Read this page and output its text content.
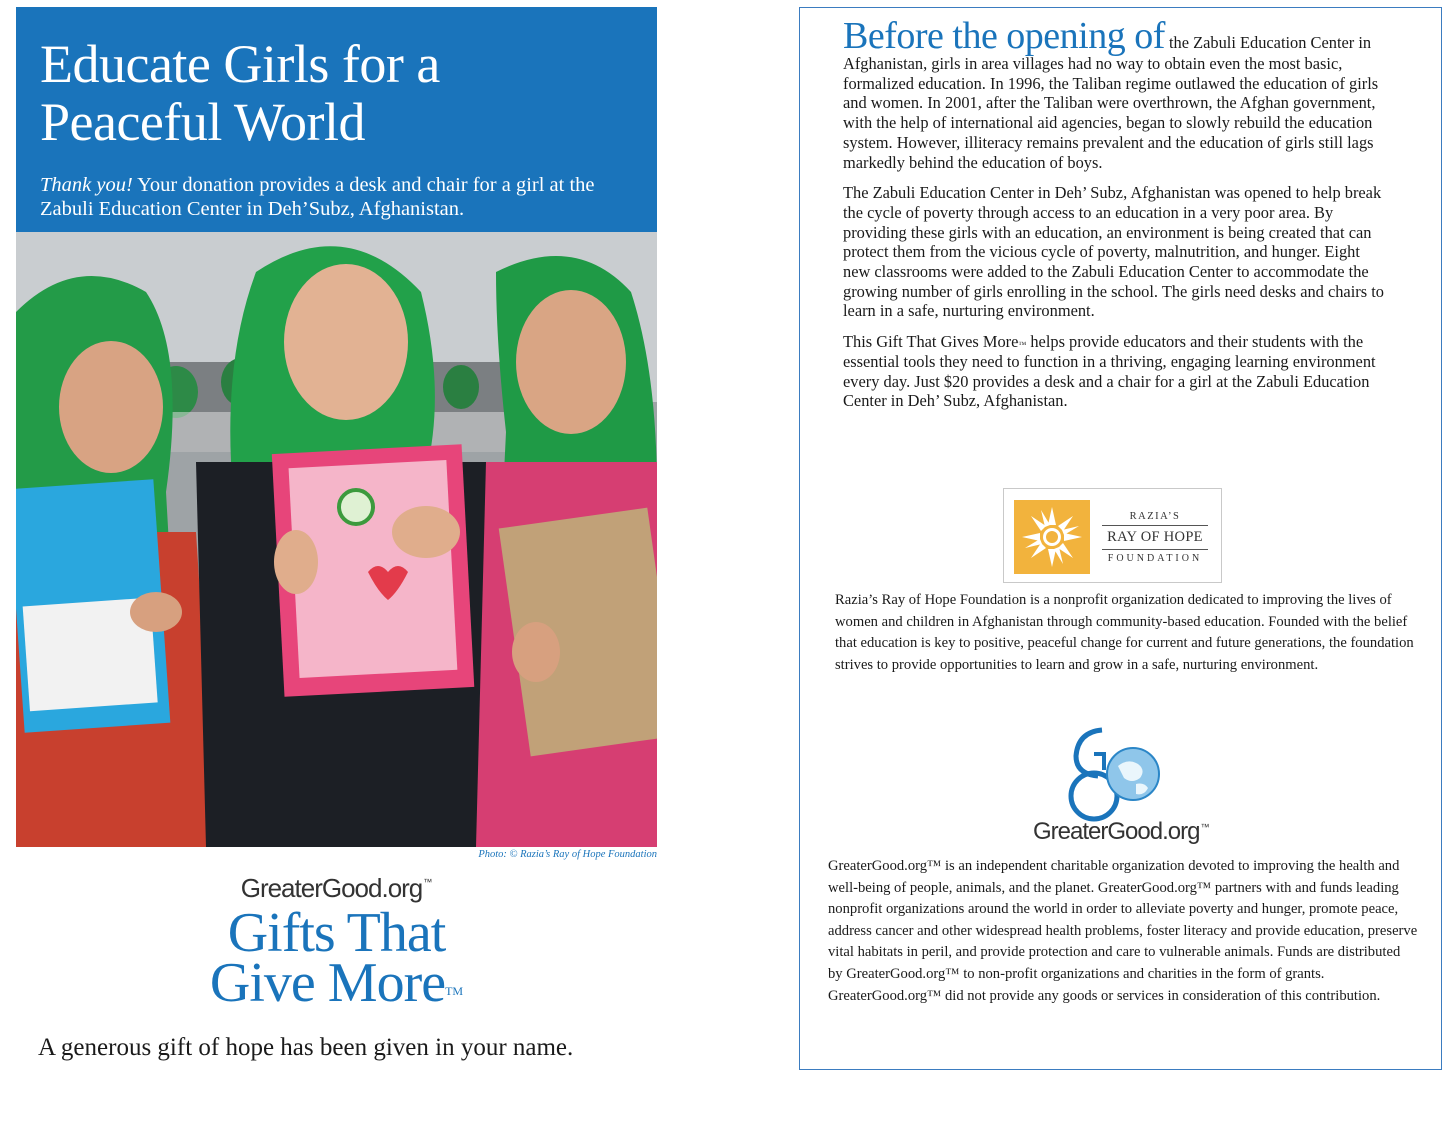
Educate Girls for a
Peaceful World
Thank you! Your donation provides a desk and chair for a girl at the Zabuli Education Center in Deh’Subz, Afghanistan.
Photo: © Razia’s Ray of Hope Foundation
GreaterGood.org™
Gifts That
Give More™
A generous gift of hope has been given in your name.

Before the opening of the Zabuli Education Center in Afghanistan, girls in area villages had no way to obtain even the most basic, formalized education. In 1996, the Taliban regime outlawed the education of girls and women. In 2001, after the Taliban were overthrown, the Afghan government, with the help of international aid agencies, began to slowly rebuild the education system. However, illiteracy remains prevalent and the education of girls still lags markedly behind the education of boys.

The Zabuli Education Center in Deh’ Subz, Afghanistan was opened to help break the cycle of poverty through access to an education in a very poor area. By providing these girls with an education, an environment is being created that can protect them from the vicious cycle of poverty, malnutrition, and hunger. Eight new classrooms were added to the Zabuli Education Center to accommodate the growing number of girls enrolling in the school. The girls need desks and chairs to learn in a safe, nurturing environment.

This Gift That Gives More™ helps provide educators and their students with the essential tools they need to function in a thriving, engaging learning environment every day. Just $20 provides a desk and a chair for a girl at the Zabuli Education Center in Deh’ Subz, Afghanistan.

RAZIA’S
RAY OF HOPE
FOUNDATION
Razia’s Ray of Hope Foundation is a nonprofit organization dedicated to improving the lives of women and children in Afghanistan through community-based education. Founded with the belief that education is key to positive, peaceful change for current and future generations, the foundation strives to provide opportunities to learn and grow in a safe, nurturing environment.
GreaterGood.org™
GreaterGood.org™ is an independent charitable organization devoted to improving the health and well-being of people, animals, and the planet. GreaterGood.org™ partners with and funds leading nonprofit organizations around the world in order to alleviate poverty and hunger, promote peace, address cancer and other widespread health problems, foster literacy and provide education, preserve vital habitats in peril, and provide protection and care to vulnerable animals. Funds are distributed by GreaterGood.org™ to non-profit organizations and charities in the form of grants. GreaterGood.org™ did not provide any goods or services in consideration of this contribution.
